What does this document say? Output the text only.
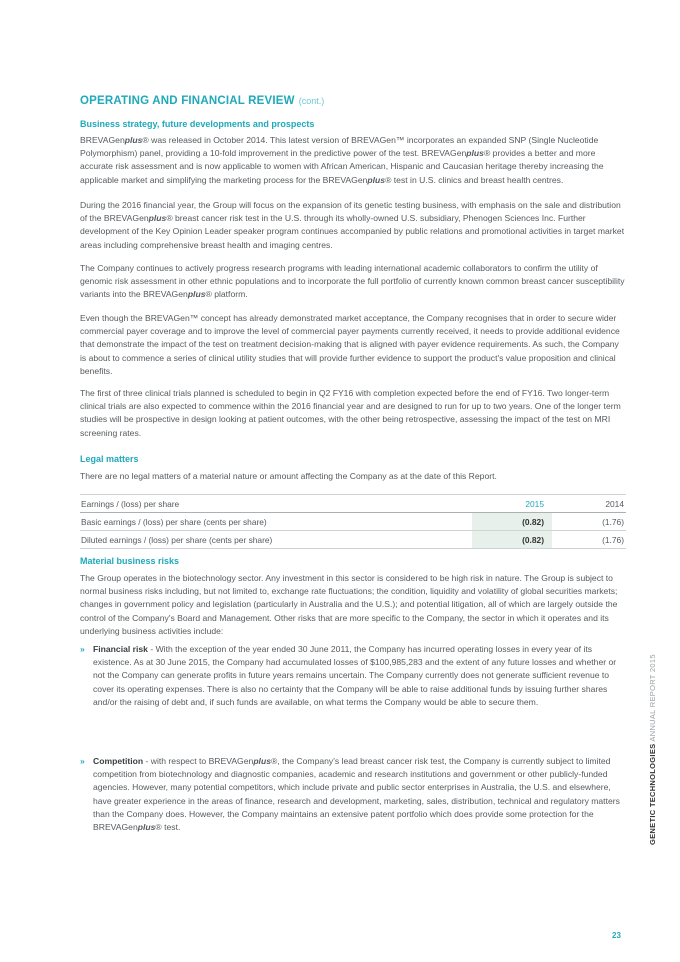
OPERATING AND FINANCIAL REVIEW (cont.)
Business strategy, future developments and prospects

BREVAGenplus® was released in October 2014. This latest version of BREVAGen™ incorporates an expanded SNP (Single Nucleotide Polymorphism) panel, providing a 10-fold improvement in the predictive power of the test. BREVAGenplus® provides a better and more accurate risk assessment and is now applicable to women with African American, Hispanic and Caucasian heritage thereby increasing the applicable market and simplifying the marketing process for the BREVAGenplus® test in U.S. clinics and breast health centres.

During the 2016 financial year, the Group will focus on the expansion of its genetic testing business, with emphasis on the sale and distribution of the BREVAGenplus® breast cancer risk test in the U.S. through its wholly-owned U.S. subsidiary, Phenogen Sciences Inc. Further development of the Key Opinion Leader speaker program continues accompanied by public relations and promotional activities in target market areas including comprehensive breast health and imaging centres.

The Company continues to actively progress research programs with leading international academic collaborators to confirm the utility of genomic risk assessment in other ethnic populations and to incorporate the full portfolio of currently known common breast cancer susceptibility variants into the BREVAGenplus® platform.

Even though the BREVAGen™ concept has already demonstrated market acceptance, the Company recognises that in order to secure wider commercial payer coverage and to improve the level of commercial payer payments currently received, it needs to provide additional evidence that demonstrate the impact of the test on treatment decision-making that is aligned with payer evidence requirements. As such, the Company is about to commence a series of clinical utility studies that will provide further evidence to support the product's value proposition and clinical benefits.

The first of three clinical trials planned is scheduled to begin in Q2 FY16 with completion expected before the end of FY16. Two longer-term clinical trials are also expected to commence within the 2016 financial year and are designed to run for up to two years. One of the longer term studies will be prospective in design looking at patient outcomes, with the other being retrospective, assessing the impact of the test on MRI screening rates.

Legal matters

There are no legal matters of a material nature or amount affecting the Company as at the date of this Report.

Earnings / (loss) per share	2015	2014
Basic earnings / (loss) per share (cents per share)	(0.82)	(1.76)
Diluted earnings / (loss) per share (cents per share)	(0.82)	(1.76)
Material business risks

The Group operates in the biotechnology sector. Any investment in this sector is considered to be high risk in nature. The Group is subject to normal business risks including, but not limited to, exchange rate fluctuations; the condition, liquidity and volatility of global securities markets; changes in government policy and legislation (particularly in Australia and the U.S.); and potential litigation, all of which are largely outside the control of the Company's Board and Management. Other risks that are more specific to the Company, the sector in which it operates and its underlying business activities include:

» Financial risk - With the exception of the year ended 30 June 2011, the Company has incurred operating losses in every year of its existence. As at 30 June 2015, the Company had accumulated losses of $100,985,283 and the extent of any future losses and whether or not the Company can generate profits in future years remains uncertain. The Company currently does not generate sufficient revenue to cover its operating expenses. There is also no certainty that the Company will be able to raise additional funds by issuing further shares and/or the raising of debt and, if such funds are available, on what terms the Company would be able to secure them.
» Competition - with respect to BREVAGenplus®, the Company's lead breast cancer risk test, the Company is currently subject to limited competition from biotechnology and diagnostic companies, academic and research institutions and government or other publicly-funded agencies. However, many potential competitors, which include private and public sector enterprises in Australia, the U.S. and elsewhere, have greater experience in the areas of finance, research and development, marketing, sales, distribution, technical and regulatory matters than the Company does. However, the Company maintains an extensive patent portfolio which does provide some protection for the BREVAGenplus® test.	GENETIC TECHNOLOGIES ANNUAL REPORT 2015
23
